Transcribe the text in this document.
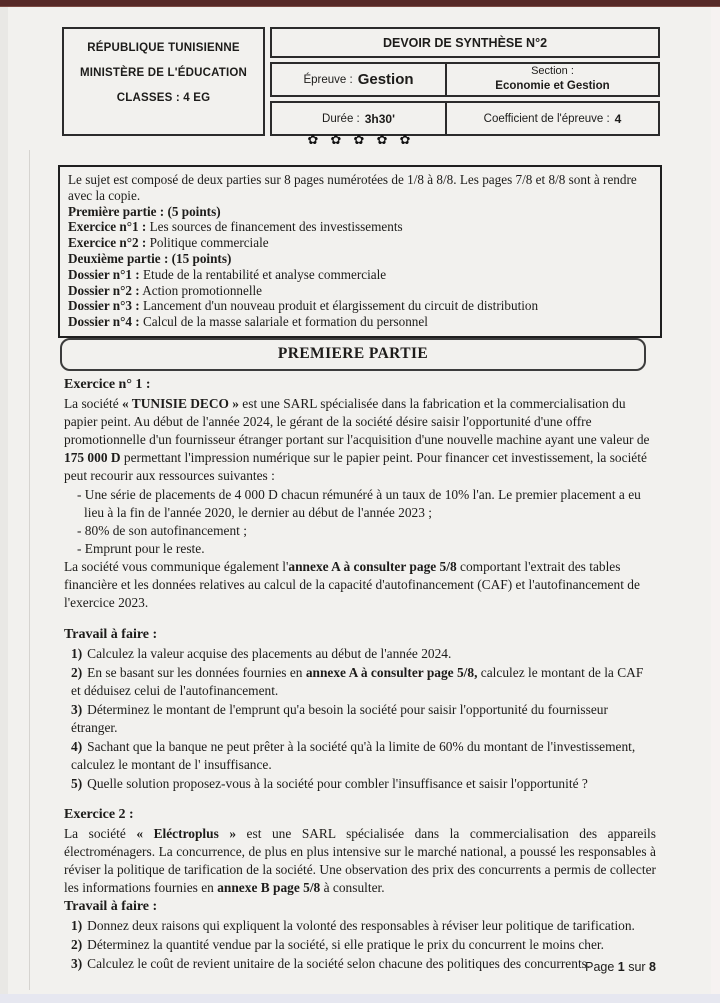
RÉPUBLIQUE TUNISIENNE
MINISTÈRE DE L'ÉDUCATION
CLASSES : 4 EG
DEVOIR DE SYNTHÈSE N°2
Épreuve : Gestion	Section :
Economie et Gestion
Durée : 3h30'	Coefficient de l'épreuve : 4
✿ ✿ ✿ ✿ ✿
Le sujet est composé de deux parties sur 8 pages numérotées de 1/8 à 8/8. Les pages 7/8 et 8/8 sont à rendre avec la copie.
Première partie : (5 points)
Exercice n°1 : Les sources de financement des investissements
Exercice n°2 : Politique commerciale
Deuxième partie : (15 points)
Dossier n°1 : Etude de la rentabilité et analyse commerciale
Dossier n°2 : Action promotionnelle
Dossier n°3 : Lancement d'un nouveau produit et élargissement du circuit de distribution
Dossier n°4 : Calcul de la masse salariale et formation du personnel
PREMIERE PARTIE

Exercice n° 1 :

La société « TUNISIE DECO » est une SARL spécialisée dans la fabrication et la commercialisation du papier peint. Au début de l'année 2024, le gérant de la société désire saisir l'opportunité d'une offre promotionnelle d'un fournisseur étranger portant sur l'acquisition d'une nouvelle machine ayant une valeur de 175 000 D permettant l'impression numérique sur le papier peint. Pour financer cet investissement, la société peut recourir aux ressources suivantes :

- Une série de placements de 4 000 D chacun rémunéré à un taux de 10% l'an. Le premier placement a eu lieu à la fin de l'année 2020, le dernier au début de l'année 2023 ;

- 80% de son autofinancement ;

- Emprunt pour le reste.

La société vous communique également l'annexe A à consulter page 5/8 comportant l'extrait des tables financière et les données relatives au calcul de la capacité d'autofinancement (CAF) et l'autofinancement de l'exercice 2023.

Travail à faire :

1) Calculez la valeur acquise des placements au début de l'année 2024.

2) En se basant sur les données fournies en annexe A à consulter page 5/8, calculez le montant de la CAF et déduisez celui de l'autofinancement.

3) Déterminez le montant de l'emprunt qu'a besoin la société pour saisir l'opportunité du fournisseur étranger.

4) Sachant que la banque ne peut prêter à la société qu'à la limite de 60% du montant de l'investissement, calculez le montant de l' insuffisance.

5) Quelle solution proposez-vous à la société pour combler l'insuffisance et saisir l'opportunité ?

Exercice 2 :

La société « Eléctroplus » est une SARL spécialisée dans la commercialisation des appareils électroménagers. La concurrence, de plus en plus intensive sur le marché national, a poussé les responsables à réviser la politique de tarification de la société. Une observation des prix des concurrents a permis de collecter les informations fournies en annexe B page 5/8 à consulter.

Travail à faire :

1) Donnez deux raisons qui expliquent la volonté des responsables à réviser leur politique de tarification.

2) Déterminez la quantité vendue par la société, si elle pratique le prix du concurrent le moins cher.

3) Calculez le coût de revient unitaire de la société selon chacune des politiques des concurrents.

Page 1 sur 8
